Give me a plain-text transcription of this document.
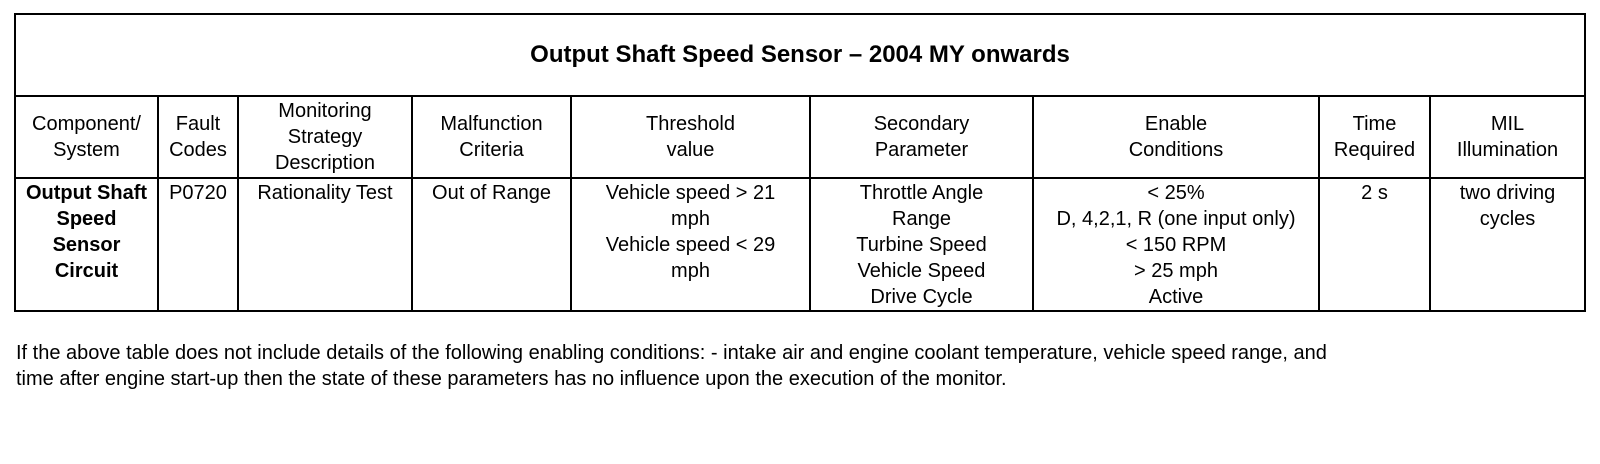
Output Shaft Speed Sensor – 2004 MY onwards								

Component/
System	Fault
Codes	Monitoring
Strategy
Description	Malfunction
Criteria	Threshold
value	Secondary
Parameter	Enable
Conditions	Time
Required	MIL
Illumination

Output Shaft
Speed
Sensor
Circuit	P0720	Rationality Test	Out of Range	Vehicle speed > 21
mph
Vehicle speed < 29
mph	Throttle Angle
Range
Turbine Speed
Vehicle Speed
Drive Cycle	< 25%
D, 4,2,1, R (one input only)
< 150 RPM
> 25 mph
Active	2 s	two driving
cycles
If the above table does not include details of the following enabling conditions: - intake air and engine coolant temperature, vehicle speed range, and
time after engine start-up then the state of these parameters has no influence upon the execution of the monitor.
